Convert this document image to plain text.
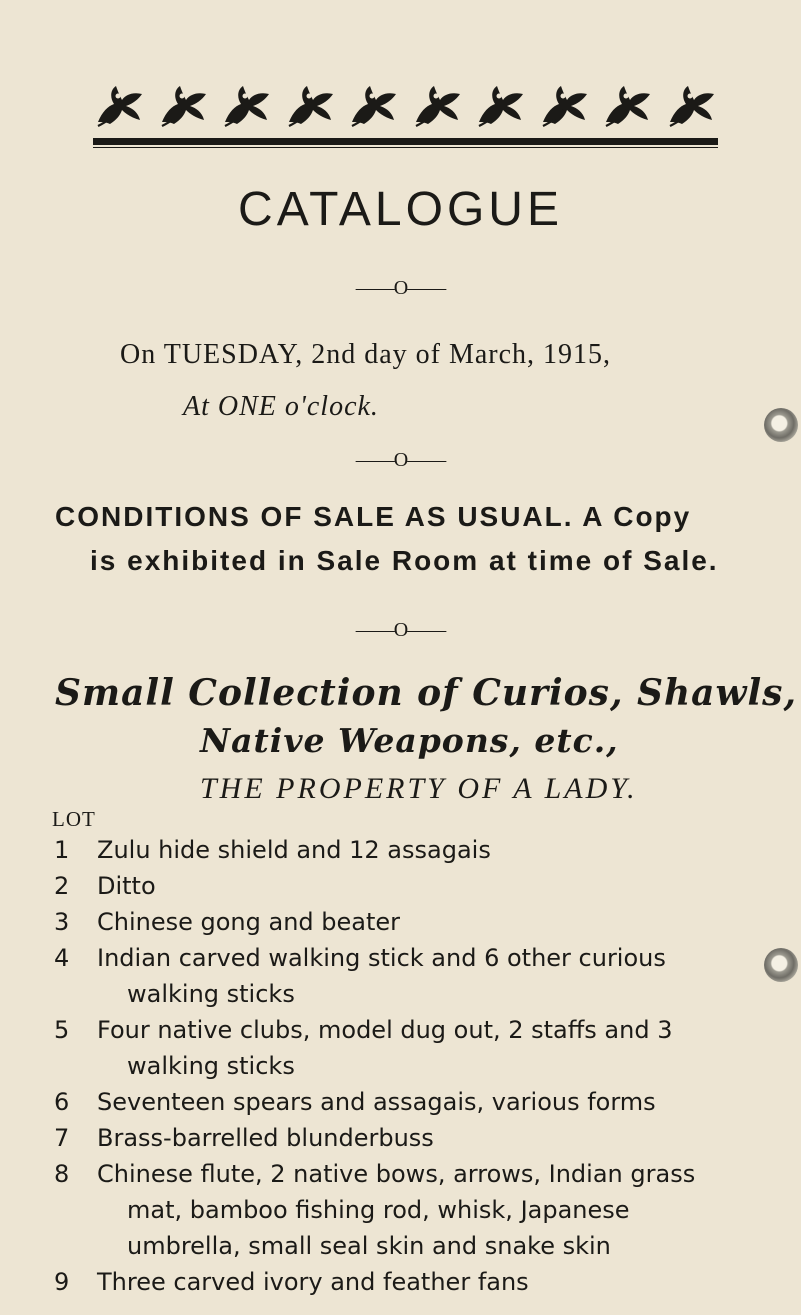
CATALOGUE
——O——
On TUESDAY, 2nd day of March, 1915,
At ONE o'clock.
——O——
CONDITIONS OF SALE AS USUAL. A Copy
is exhibited in Sale Room at time of Sale.
——O——
Small Collection of Curios, Shawls,
Native Weapons, etc.,
THE PROPERTY OF A LADY.
LOT
1	Zulu hide shield and 12 assagais
2	Ditto
3	Chinese gong and beater
4	Indian carved walking stick and 6 other curious
walking sticks
5	Four native clubs, model dug out, 2 staffs and 3
walking sticks
6	Seventeen spears and assagais, various forms
7	Brass-barrelled blunderbuss
8	Chinese flute, 2 native bows, arrows, Indian grass
mat, bamboo fishing rod, whisk, Japanese
umbrella, small seal skin and snake skin
9	Three carved ivory and feather fans
